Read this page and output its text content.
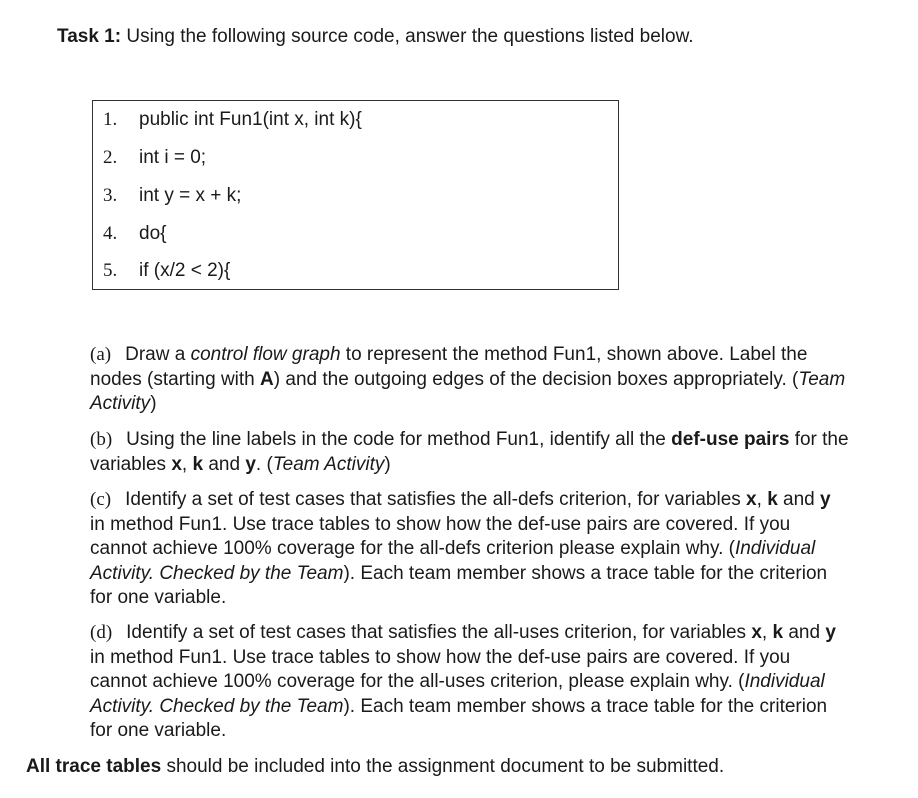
Task 1: Using the following source code, answer the questions listed below.
1. public int Fun1(int x, int k){
2. int i = 0;
3. int y = x + k;
4. do{
5. if (x/2 < 2){
(a) Draw a control flow graph to represent the method Fun1, shown above. Label the nodes (starting with A) and the outgoing edges of the decision boxes appropriately. (Team Activity)
(b) Using the line labels in the code for method Fun1, identify all the def-use pairs for the variables x, k and y. (Team Activity)
(c) Identify a set of test cases that satisfies the all-defs criterion, for variables x, k and y in method Fun1. Use trace tables to show how the def-use pairs are covered. If you cannot achieve 100% coverage for the all-defs criterion please explain why. (Individual Activity. Checked by the Team). Each team member shows a trace table for the criterion for one variable.
(d) Identify a set of test cases that satisfies the all-uses criterion, for variables x, k and y in method Fun1. Use trace tables to show how the def-use pairs are covered. If you cannot achieve 100% coverage for the all-uses criterion, please explain why. (Individual Activity. Checked by the Team). Each team member shows a trace table for the criterion for one variable.
All trace tables should be included into the assignment document to be submitted.
